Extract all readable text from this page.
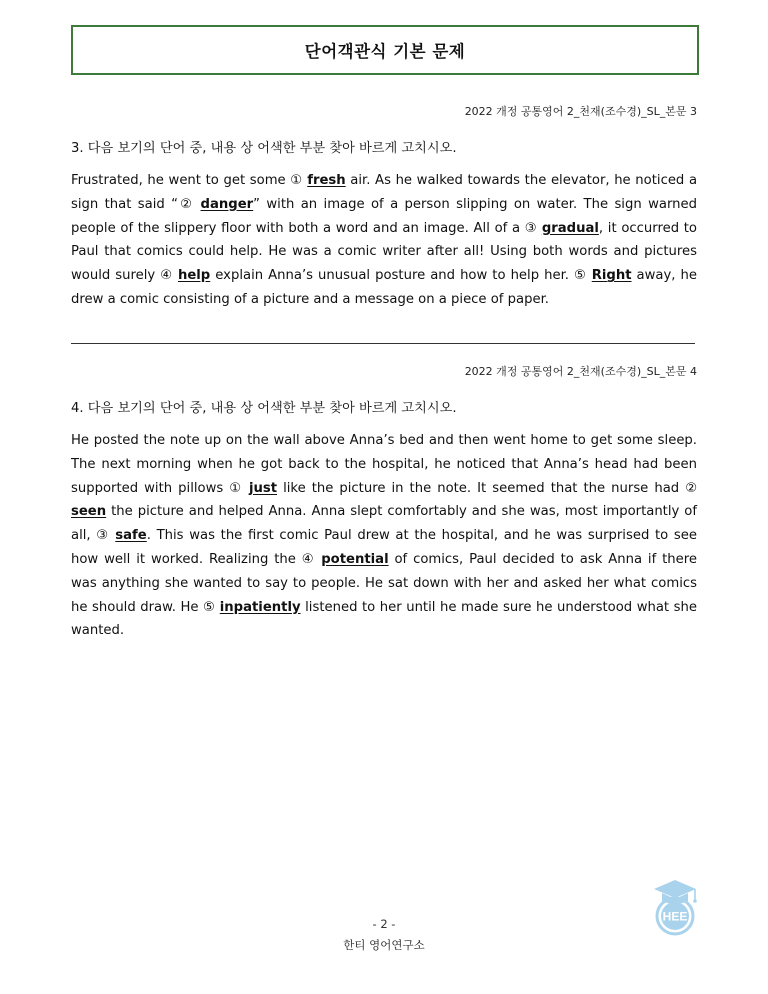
단어객관식 기본 문제
2022 개정 공통영어 2_천재(조수경)_SL_본문 3
3. 다음 보기의 단어 중, 내용 상 어색한 부분 찾아 바르게 고치시오.
Frustrated, he went to get some ① fresh air. As he walked towards the elevator, he noticed a sign that said “② danger” with an image of a person slipping on water. The sign warned people of the slippery floor with both a word and an image. All of a ③ gradual, it occurred to Paul that comics could help. He was a comic writer after all! Using both words and pictures would surely ④ help explain Anna’s unusual posture and how to help her. ⑤ Right away, he drew a comic consisting of a picture and a message on a piece of paper.
2022 개정 공통영어 2_천재(조수경)_SL_본문 4
4. 다음 보기의 단어 중, 내용 상 어색한 부분 찾아 바르게 고치시오.
He posted the note up on the wall above Anna’s bed and then went home to get some sleep. The next morning when he got back to the hospital, he noticed that Anna’s head had been supported with pillows ① just like the picture in the note. It seemed that the nurse had ② seen the picture and helped Anna. Anna slept comfortably and she was, most importantly of all, ③ safe. This was the first comic Paul drew at the hospital, and he was surprised to see how well it worked. Realizing the ④ potential of comics, Paul decided to ask Anna if there was anything she wanted to say to people. He sat down with her and asked her what comics he should draw. He ⑤ inpatiently listened to her until he made sure he understood what she wanted.
- 2 -
한티 영어연구소
HEE
